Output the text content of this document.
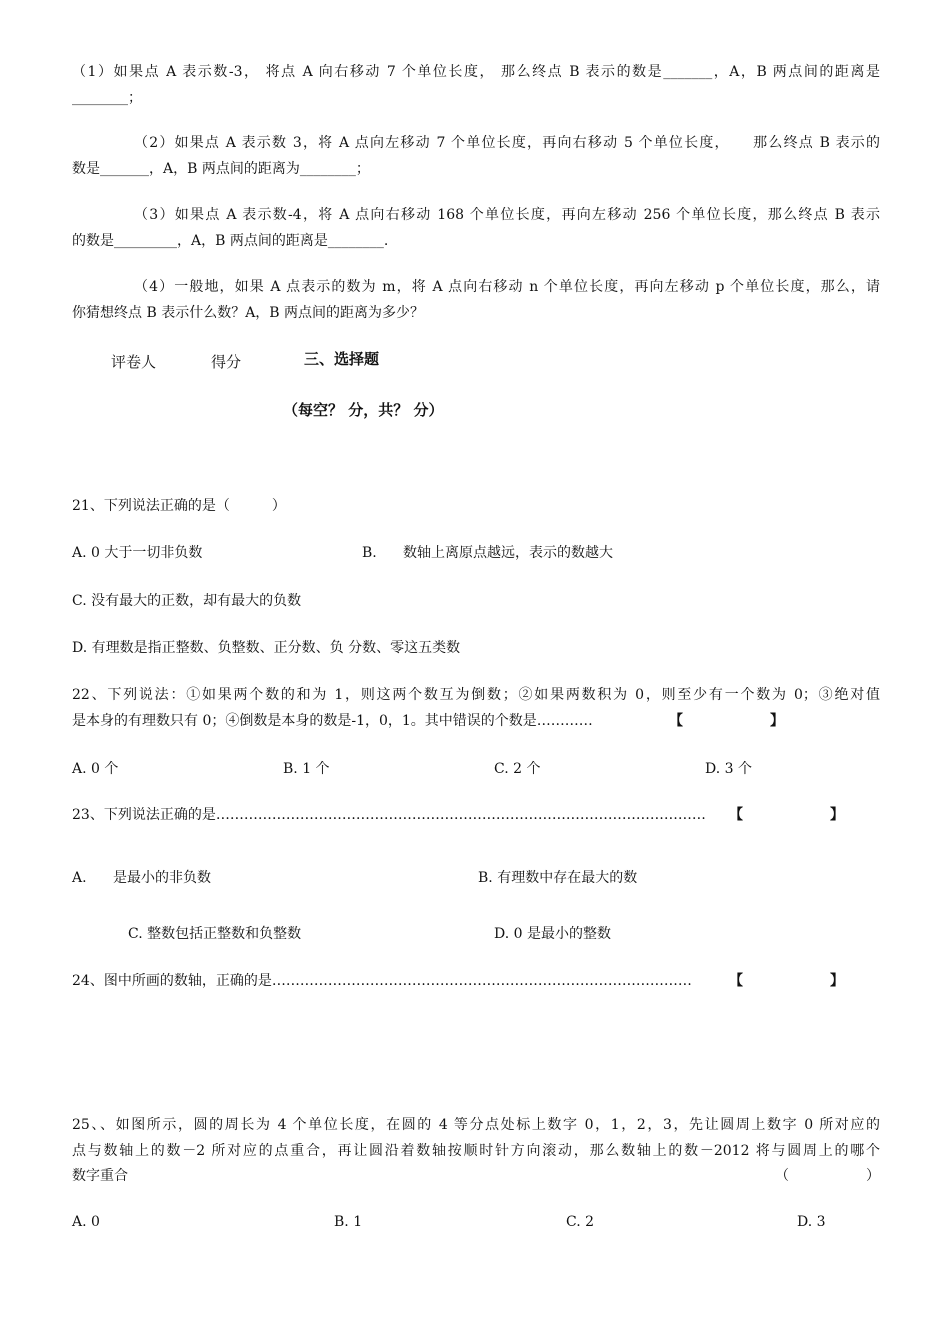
（1）如果点 A 表示数-3， 将点 A 向右移动 7 个单位长度， 那么终点 B 表示的数是_______，A，B 两点间的距离是
________；
（2）如果点 A 表示数 3，将 A 点向左移动 7 个单位长度，再向右移动 5 个单位长度，　　那么终点 B 表示的
数是_______，A，B 两点间的距离为________；
（3）如果点 A 表示数-4，将 A 点向右移动 168 个单位长度，再向左移动 256 个单位长度，那么终点 B 表示
的数是_________，A，B 两点间的距离是________.
（4）一般地，如果 A 点表示的数为 m，将 A 点向右移动 n 个单位长度，再向左移动 p 个单位长度，那么，请
你猜想终点 B 表示什么数？A，B 两点间的距离为多少？
评卷人	得分	三、选择题
（每空？ 分，共？ 分）
21、下列说法正确的是（　　　）
A. 0 大于一切非负数	B. 数轴上离原点越远，表示的数越大
C. 没有最大的正数，却有最大的负数
D. 有理数是指正整数、负整数、正分数、负 分数、零这五类数
22、下列说法：①如果两个数的和为 1，则这两个数互为倒数；②如果两数积为 0，则至少有一个数为 0；③绝对值
是本身的有理数只有 0；④倒数是本身的数是-1，0，1。其中错误的个数是…………	【	】
A. 0 个	B. 1 个	C. 2 个	D. 3 个
23、下列说法正确的是……………………………………………………………………………………………	【	】
A. 是最小的非负数	B. 有理数中存在最大的数
C. 整数包括正整数和负整数	D. 0 是最小的整数
24、图中所画的数轴，正确的是………………………………………………………………………………	【	】
25、、如图所示，圆的周长为 4 个单位长度，在圆的 4 等分点处标上数字 0，1，2，3，先让圆周上数字 0 所对应的
点与数轴上的数－2 所对应的点重合，再让圆沿着数轴按顺时针方向滚动，那么数轴上的数－2012 将与圆周上的哪个
数字重合	（	）
A. 0	B. 1	C. 2	D. 3
